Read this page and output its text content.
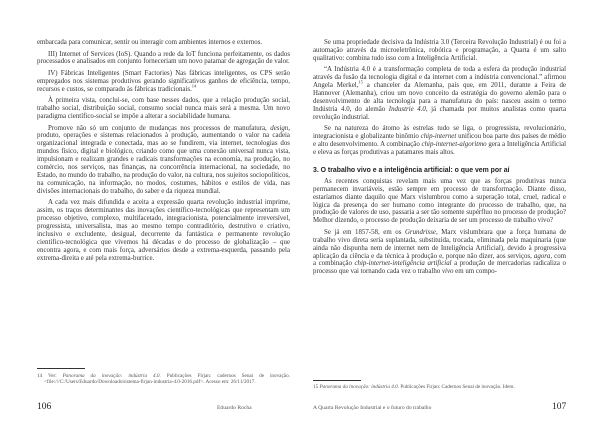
embarcada para comunicar, sentir ou interagir com ambientes internos e externos.

III) Internet of Services (IoS). Quando a rede da IoT funciona perfeitamente, os dados processados e analisados em conjunto forneceriam um novo patamar de agregação de valor.

IV) Fábricas Inteligentes (Smart Factories) Nas fábricas inteligentes, os CPS serão empregados nos sistemas produtivos gerando significativos ganhos de eficiência, tempo, recursos e custos, se comparado às fábricas tradicionais.$^{14}$

À primeira vista, conclui-se, com base nesses dados, que a relação produção social, trabalho social, distribuição social, consumo social nunca mais será a mesma. Um novo paradigma científico-social se impõe a alterar a sociabilidade humana.

Promove não só um conjunto de mudanças nos processos de manufatura, design, produto, operações e sistemas relacionados à produção, aumentando o valor na cadeia organizacional integrada e conectada, mas ao se fundirem, via internet, tecnologias dos mundos físico, digital e biológico, criando como que uma conexão universal nunca vista, impulsionam e realizam grandes e radicais transformações na economia, na produção, no comércio, nos serviços, nas finanças, na concorrência internacional, na sociedade, no Estado, no mundo do trabalho, na produção do valor, na cultura, nos sujeitos sociopolíticos, na comunicação, na informação, no modos, costumes, hábitos e estilos de vida, nas divisões internacionais do trabalho, do saber e da riqueza mundial.

A cada vez mais difundida e aceita a expressão quarta revolução industrial imprime, assim, os traços determinantes das inovações científico-tecnológicas que representam um processo objetivo, complexo, multifacetado, integracionista, potencialmente irreversível, progressista, universalista, mas ao mesmo tempo contraditório, destrutivo e criativo, inclusivo e excludente, desigual, decorrente da fantástica e permanente revolução científico-tecnológica que vivemos há décadas e do processo de globalização – que encontra agora, e com mais força, adversários desde a extrema-esquerda, passando pela extrema-direita e até pela extrema-burrice.

14 Ver: Panorama da inovação: indústria 4.0. Publicações Firjan: cadernos Senai de inovação. <file:///C:/Users/Eduardo/Downloads/sistema-firjan-industria-4.0-2016.pdf>. Acesso em: 26/11/2017.
106	Eduardo Rocha

Se uma propriedade decisiva da Indústria 3.0 (Terceira Revolução Industrial) é ou foi a automação através da microeletrônica, robótica e programação, a Quarta é um salto qualitativo: combina tudo isso com a Inteligência Artificial.

“A Indústria 4.0 é a transformação completa de toda a esfera da produção industrial através da fusão da tecnologia digital e da internet com a indústria convencional.” afirmou Angela Merkel,$^{15}$ a chanceler da Alemanha, país que, em 2011, durante a Feira de Hannover (Alemanha), criou um novo conceito da estratégia do governo alemão para o desenvolvimento de alta tecnologia para a manufatura do país: nasceu assim o termo Indústria 4.0, do alemão Industrie 4.0, já chamada por muitos analistas como quarta revolução industrial.

Se na natureza do átomo às estrelas tudo se liga, o progressista, revolucionário, integracionista e globalizante binômio chip-internet unificou boa parte dos países de médio e alto desenvolvimento. A combinação chip-internet-algoritmo gera a Inteligência Artificial e eleva as forças produtivas a patamares mais altos.

3. O trabalho vivo e a inteligência artificial: o que vem por aí

As recentes conquistas revelam mais uma vez que as forças produtivas nunca permanecem invariáveis, estão sempre em processo de transformação. Diante disso, estaríamos diante daquilo que Marx vislumbrou como a superação total, cruel, radical e lógica da presença do ser humano como integrante do processo de trabalho, que, na produção de valores de uso, passaria a ser tão somente supérfluo no processo de produção? Melhor dizendo, o processo de produção deixaria de ser um processo de trabalho vivo?

Se já em 1857-58, em os Grundrisse, Marx vislumbrara que a força humana de trabalho vivo direta seria suplantada, substituída, trocada, eliminada pela maquinaria (que ainda não dispunha nem de internet nem de Inteligência Artificial), devido à progressiva aplicação da ciência e da técnica à produção e, porque não dizer, aos serviços, agora, com a combinação chip-internet-inteligência artificial a produção de mercadorias radicaliza o processo que vai tornando cada vez o trabalho vivo em um compo-

15 Panorama da inovação: indústria 4.0. Publicações Firjan: Cadernos Senai de inovação. Idem.
A Quarta Revolução Industrial e o futuro do trabalho	107
